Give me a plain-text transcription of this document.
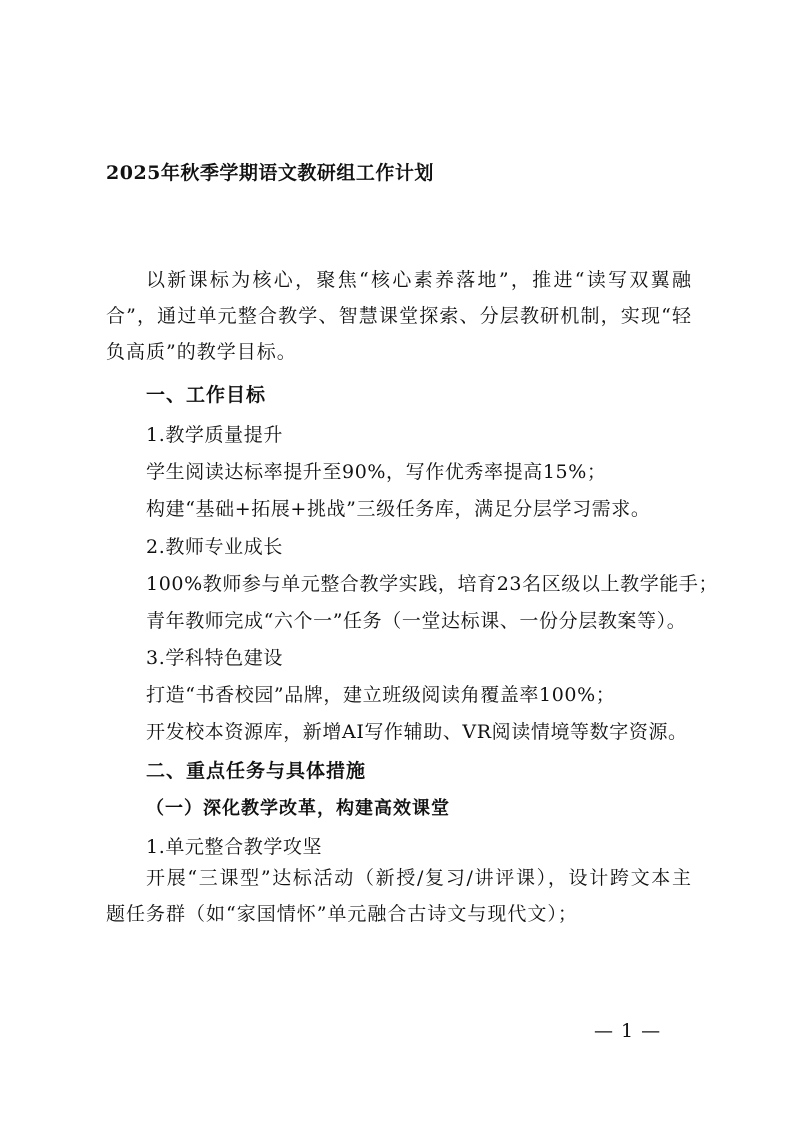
2025年秋季学期语文教研组工作计划
以新课标为核心，聚焦“核心素养落地”，推进“读写双翼融合”，通过单元整合教学、智慧课堂探索、分层教研机制，实现“轻负高质”的教学目标。
一、工作目标
1.教学质量提升
学生阅读达标率提升至90%，写作优秀率提高15%；
构建“基础+拓展+挑战”三级任务库，满足分层学习需求。
2.教师专业成长
100%教师参与单元整合教学实践，培育23名区级以上教学能手；
青年教师完成“六个一”任务（一堂达标课、一份分层教案等）。
3.学科特色建设
打造“书香校园”品牌，建立班级阅读角覆盖率100%；
开发校本资源库，新增AI写作辅助、VR阅读情境等数字资源。
二、重点任务与具体措施
（一）深化教学改革，构建高效课堂
1.单元整合教学攻坚
开展“三课型”达标活动（新授/复习/讲评课），设计跨文本主题任务群（如“家国情怀”单元融合古诗文与现代文）；
— 1 —
